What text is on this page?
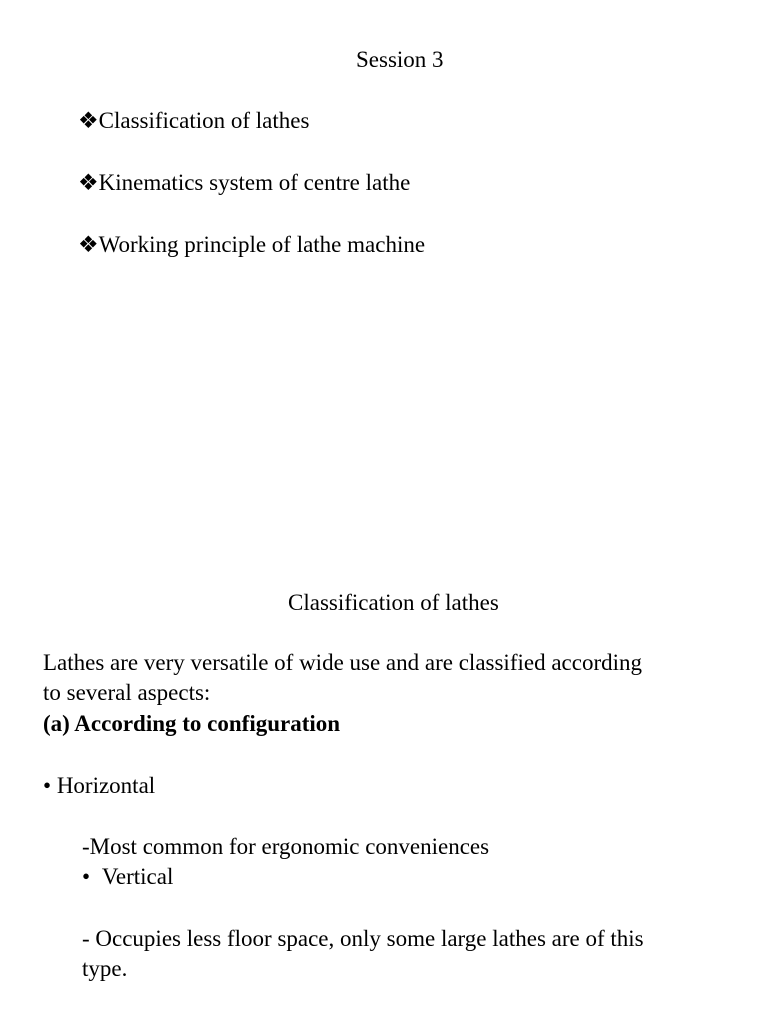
Session 3
❖Classification of lathes
❖Kinematics system of centre lathe
❖Working principle of lathe machine
Classification of lathes
Lathes are very versatile of wide use and are classified according
to several aspects:
(a) According to configuration
• Horizontal
-Most common for ergonomic conveniences
• Vertical
- Occupies less floor space, only some large lathes are of this
type.
